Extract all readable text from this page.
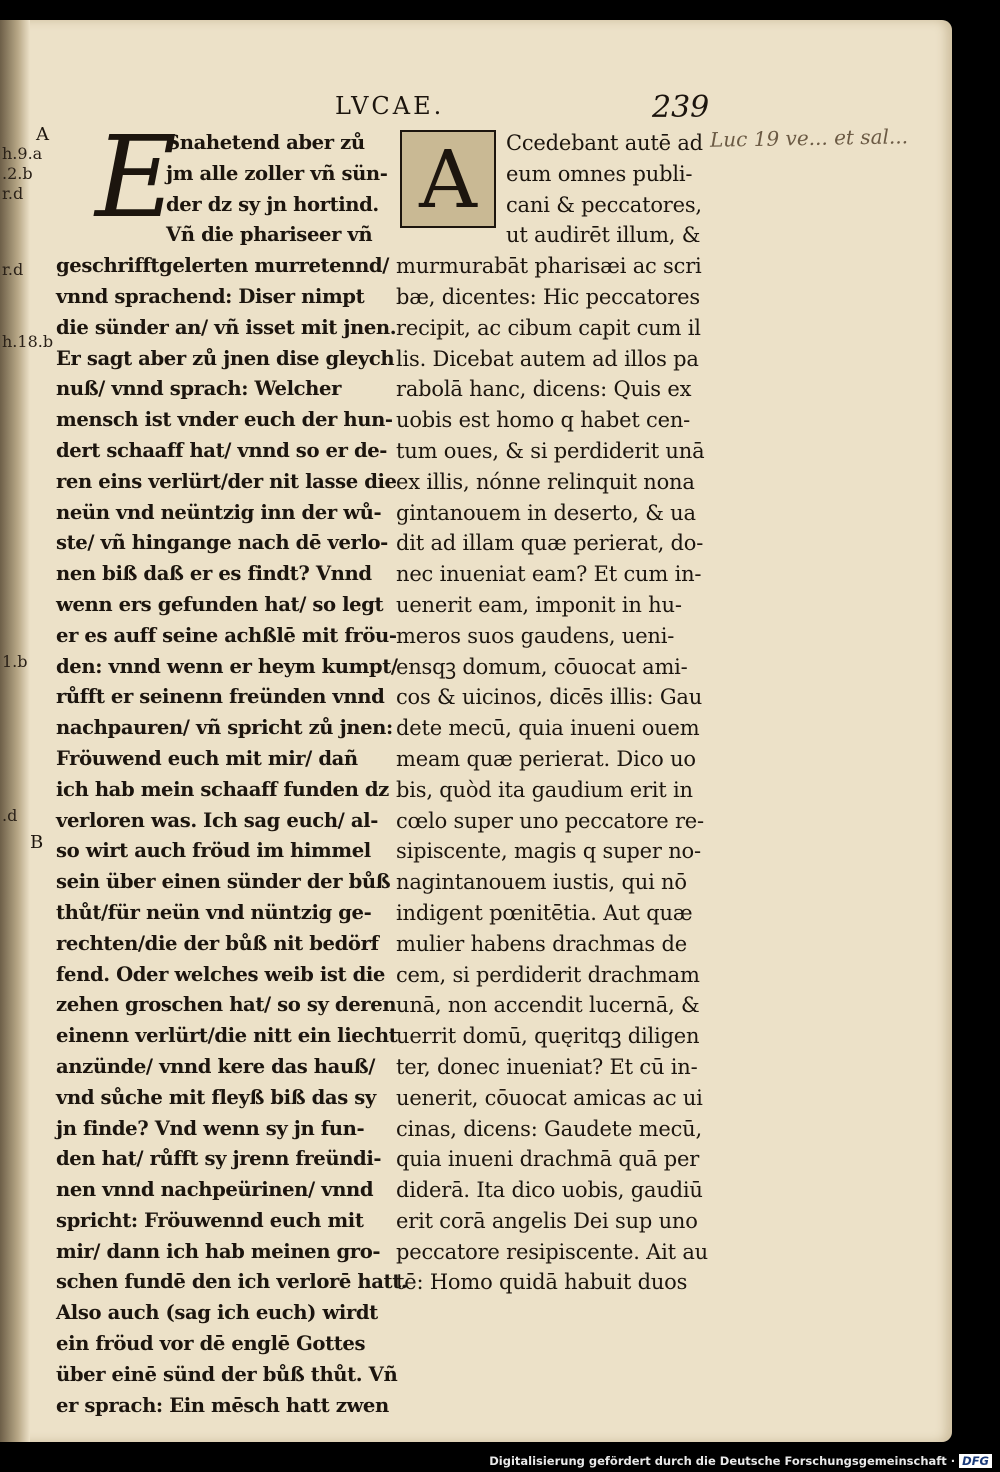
LVCAE.	239
Luc 19 ve... et sal...
A
h.9.a
.2.b
r.d
r.d
h.18.b
1.b
.d
B
E
Snahetend aber zů
jm alle zoller vñ sün-
der dz sy jn hortind.
Vñ die phariseer vñ
geschrifftgelerten murretennd/
vnnd sprachend: Diser nimpt
die sünder an/ vñ isset mit jnen.
Er sagt aber zů jnen dise gleych
nuß/ vnnd sprach: Welcher
mensch ist vnder euch der hun-
dert schaaff hat/ vnnd so er de-
ren eins verlürt/der nit lasse die
neün vnd neüntzig inn der wů-
ste/ vñ hingange nach dē verlo-
nen biß daß er es findt? Vnnd
wenn ers gefunden hat/ so legt
er es auff seine achßlē mit fröu-
den: vnnd wenn er heym kumpt/
růfft er seinenn freünden vnnd
nachpauren/ vñ spricht zů jnen:
Fröuwend euch mit mir/ dañ
ich hab mein schaaff funden dz
verloren was. Ich sag euch/ al-
so wirt auch fröud im himmel
sein über einen sünder der bůß
thůt/für neün vnd nüntzig ge-
rechten/die der bůß nit bedörf
fend. Oder welches weib ist die
zehen groschen hat/ so sy deren
einenn verlürt/die nitt ein liecht
anzünde/ vnnd kere das hauß/
vnd sůche mit fleyß biß das sy
jn finde? Vnd wenn sy jn fun-
den hat/ růfft sy jrenn freündi-
nen vnnd nachpeürinen/ vnnd
spricht: Fröuwennd euch mit
mir/ dann ich hab meinen gro-
schen fundē den ich verlorē hatt.
Also auch (sag ich euch) wirdt
ein fröud vor dē englē Gottes
über einē sünd der bůß thůt. Vñ
er sprach: Ein mēsch hatt zwen
A	Ccedebant autē ad
eum omnes publi-
cani & peccatores,
ut audirēt illum, &
murmurabāt pharisæi ac scri
bæ, dicentes: Hic peccatores
recipit, ac cibum capit cum il
lis. Dicebat autem ad illos pa
rabolā hanc, dicens: Quis ex
uobis est homo q habet cen-
tum oues, & si perdiderit unā
ex illis, nónne relinquit nona
gintanouem in deserto, & ua
dit ad illam quæ perierat, do-
nec inueniat eam? Et cum in-
uenerit eam, imponit in hu-
meros suos gaudens, ueni-
ensqꝫ domum, cōuocat ami-
cos & uicinos, dicēs illis: Gau
dete mecū, quia inueni ouem
meam quæ perierat. Dico uo
bis, quòd ita gaudium erit in
cœlo super uno peccatore re-
sipiscente, magis q super no-
nagintanouem iustis, qui nō
indigent pœnitētia. Aut quæ
mulier habens drachmas de
cem, si perdiderit drachmam
unā, non accendit lucernā, &
uerrit domū, quęritqꝫ diligen
ter, donec inueniat? Et cū in-
uenerit, cōuocat amicas ac ui
cinas, dicens: Gaudete mecū,
quia inueni drachmā quā per
diderā. Ita dico uobis, gaudiū
erit corā angelis Dei sup uno
peccatore resipiscente. Ait au
tē: Homo quidā habuit duos
Digitalisierung gefördert durch die Deutsche Forschungsgemeinschaft · DFG
